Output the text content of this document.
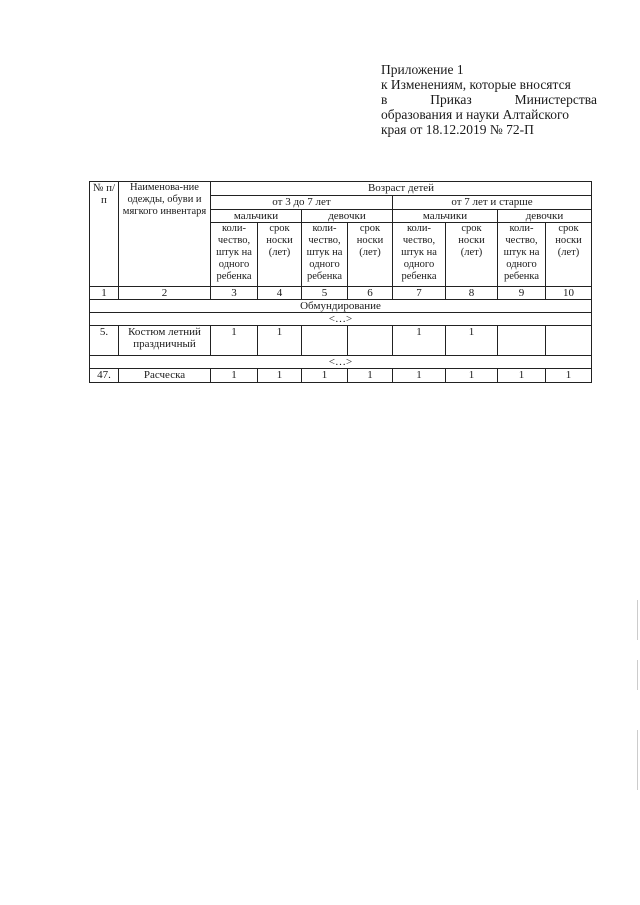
Приложение 1
к Изменениям, которые вносятся
в	Приказ	Министерства
образования и науки Алтайского
края от 18.12.2019 № 72-П
№ п/п	Наименова-ние одежды, обуви и мягкого инвентаря	Возраст детей							
		от 3 до 7 лет				от 7 лет и старше			
		мальчики		девочки		мальчики		девочки	
		коли-чество, штук на одного ребенка	срок носки (лет)	коли-чество, штук на одного ребенка	срок носки (лет)	коли-чество, штук на одного ребенка	срок носки (лет)	коли-чество, штук на одного ребенка	срок носки (лет)
1	2	3	4	5	6	7	8	9	10
Обмундирование									
<…>									
5.	Костюм летний праздничный	1	1			1	1		
<…>									
47.	Расческа	1	1	1	1	1	1	1	1
